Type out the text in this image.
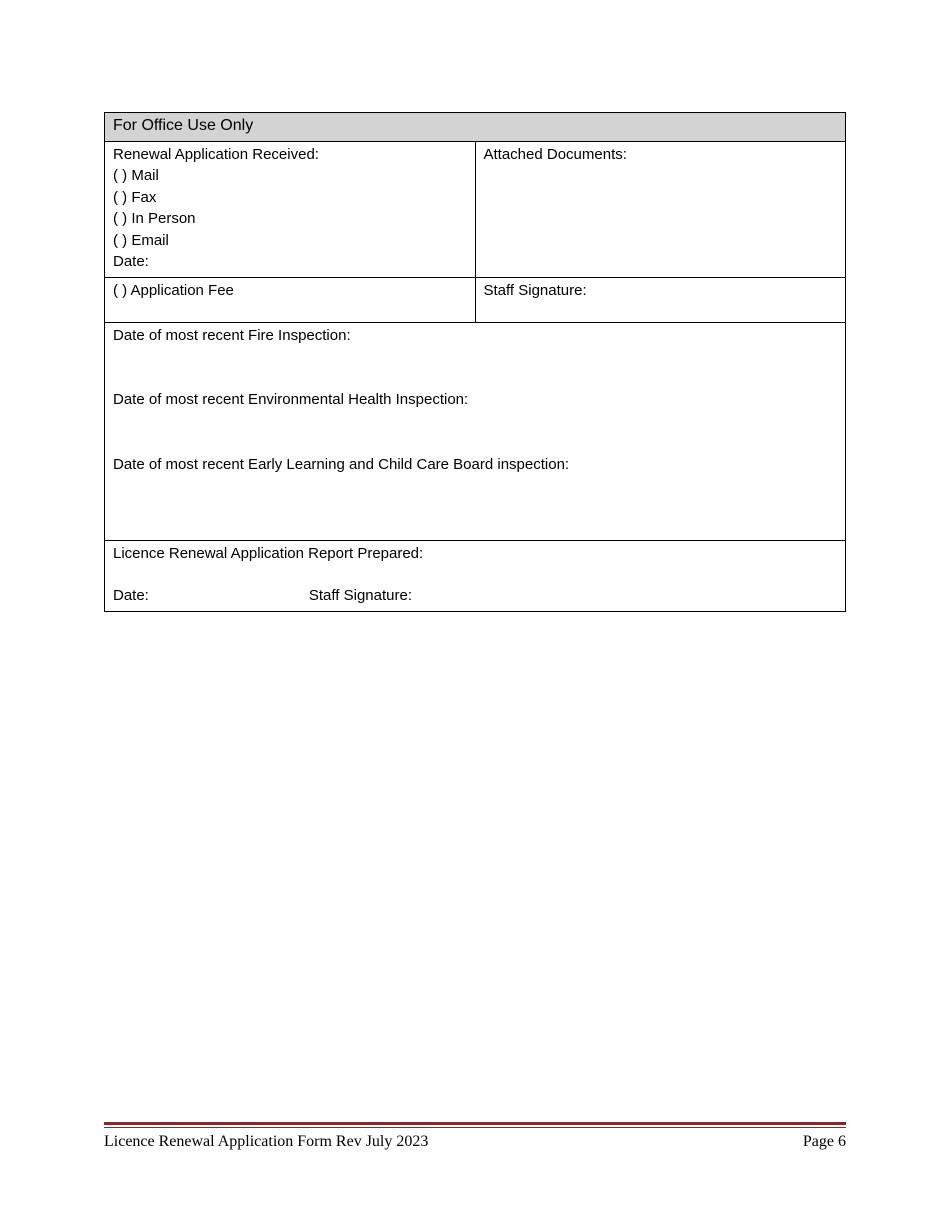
For Office Use Only	

Renewal Application Received:
( ) Mail
( ) Fax
( ) In Person
( ) Email
Date:

Attached Documents:

( ) Application Fee	Staff Signature:

Date of most recent Fire Inspection:
Date of most recent Environmental Health Inspection:
Date of most recent Early Learning and Child Care Board inspection:	

Licence Renewal Application Report Prepared:
Date: Staff Signature:	
Licence Renewal Application Form Rev July 2023	Page 6
